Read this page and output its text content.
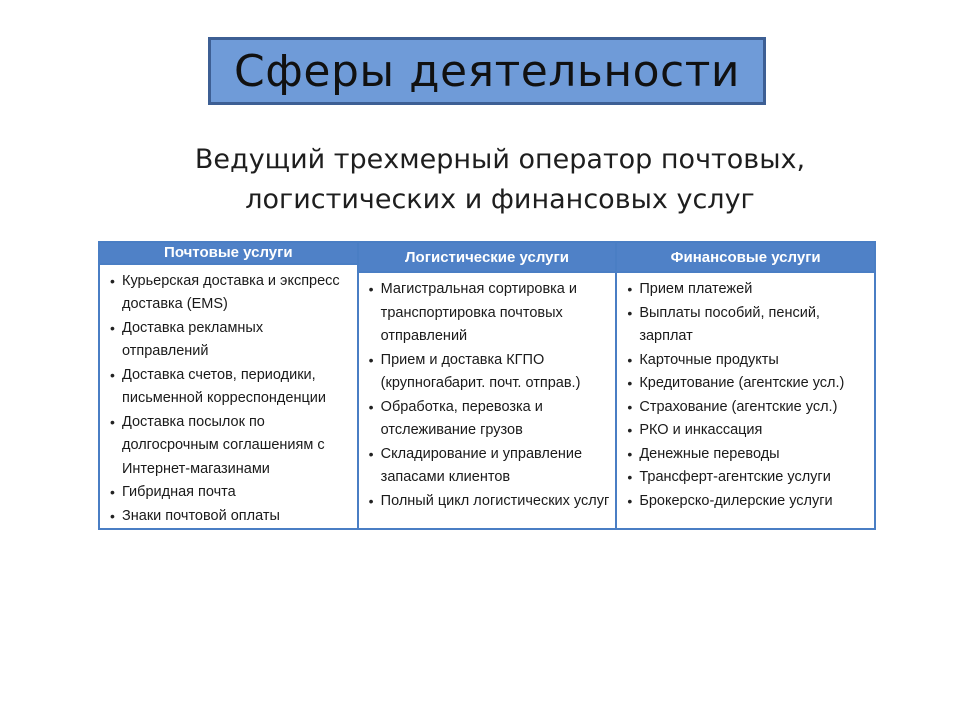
Сферы деятельности
Ведущий трехмерный оператор почтовых,
логистических и финансовых услуг
Почтовые услуги
• Курьерская доставка и экспресс доставка (EMS)
• Доставка рекламных отправлений
• Доставка счетов, периодики, письменной корреспонденции
• Доставка посылок по долгосрочным соглашениям с Интернет-магазинами
• Гибридная почта
• Знаки почтовой оплаты
Логистические услуги
• Магистральная сортировка и транспортировка почтовых отправлений
• Прием и доставка КГПО (крупногабарит. почт. отправ.)
• Обработка, перевозка и отслеживание грузов
• Складирование и управление запасами клиентов
• Полный цикл логистических услуг
Финансовые услуги
• Прием платежей
• Выплаты пособий, пенсий, зарплат
• Карточные продукты
• Кредитование (агентские усл.)
• Страхование (агентские усл.)
• РКО и инкассация
• Денежные переводы
• Трансферт-агентские услуги
• Брокерско-дилерские услуги
